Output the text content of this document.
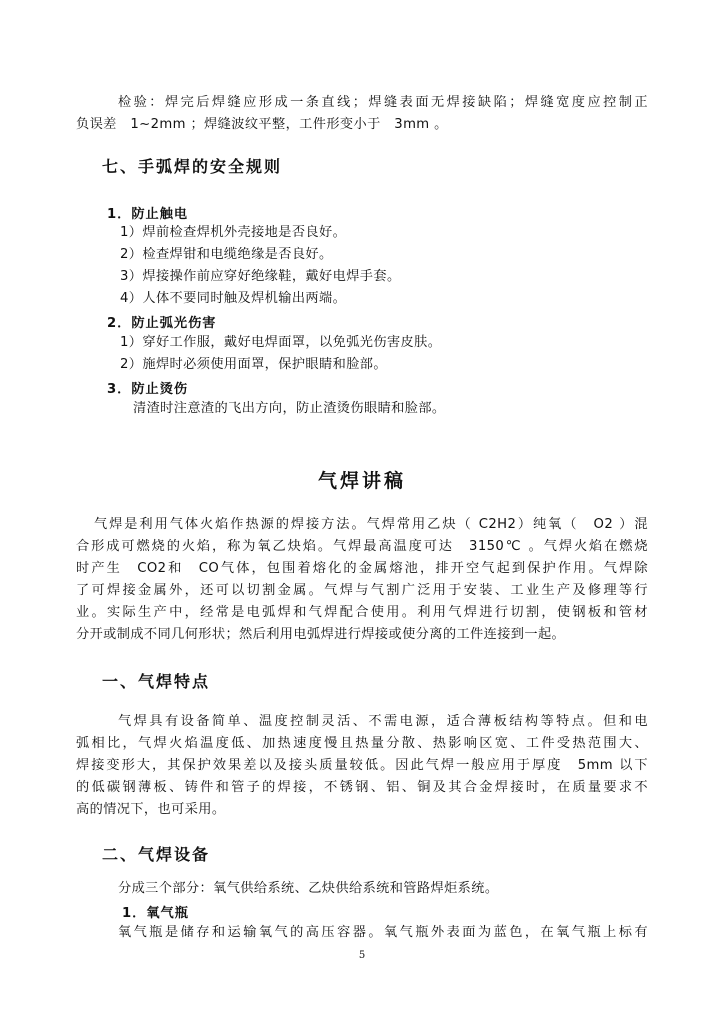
检验：焊完后焊缝应形成一条直线；焊缝表面无焊接缺陷；焊缝宽度应控制正
负误差　1~2mm ；焊缝波纹平整，工件形变小于　3mm 。
七、手弧焊的安全规则
1．防止触电
1）焊前检查焊机外壳接地是否良好。
2）检查焊钳和电缆绝缘是否良好。
3）焊接操作前应穿好绝缘鞋，戴好电焊手套。
4）人体不要同时触及焊机输出两端。
2．防止弧光伤害
1）穿好工作服，戴好电焊面罩，以免弧光伤害皮肤。
2）施焊时必须使用面罩，保护眼睛和脸部。
3．防止烫伤
清渣时注意渣的飞出方向，防止渣烫伤眼睛和脸部。
气焊讲稿
气焊是利用气体火焰作热源的焊接方法。气焊常用乙炔（ C2H2）纯氧（　O2 ）混
合形成可燃烧的火焰，称为氧乙炔焰。气焊最高温度可达　3150℃ 。气焊火焰在燃烧
时产生　CO2和　CO气体，包围着熔化的金属熔池，排开空气起到保护作用。气焊除
了可焊接金属外，还可以切割金属。气焊与气割广泛用于安装、工业生产及修理等行
业。实际生产中，经常是电弧焊和气焊配合使用。利用气焊进行切割，使钢板和管材
分开或制成不同几何形状；然后利用电弧焊进行焊接或使分离的工件连接到一起。
一、气焊特点
气焊具有设备简单、温度控制灵活、不需电源，适合薄板结构等特点。但和电
弧相比，气焊火焰温度低、加热速度慢且热量分散、热影响区宽、工件受热范围大、
焊接变形大，其保护效果差以及接头质量较低。因此气焊一般应用于厚度　5mm 以下
的低碳钢薄板、铸件和管子的焊接，不锈钢、铝、铜及其合金焊接时，在质量要求不
高的情况下，也可采用。
二、气焊设备
分成三个部分：氧气供给系统、乙炔供给系统和管路焊炬系统。
1．氧气瓶
氧气瓶是储存和运输氧气的高压容器。氧气瓶外表面为蓝色，在氧气瓶上标有
5
